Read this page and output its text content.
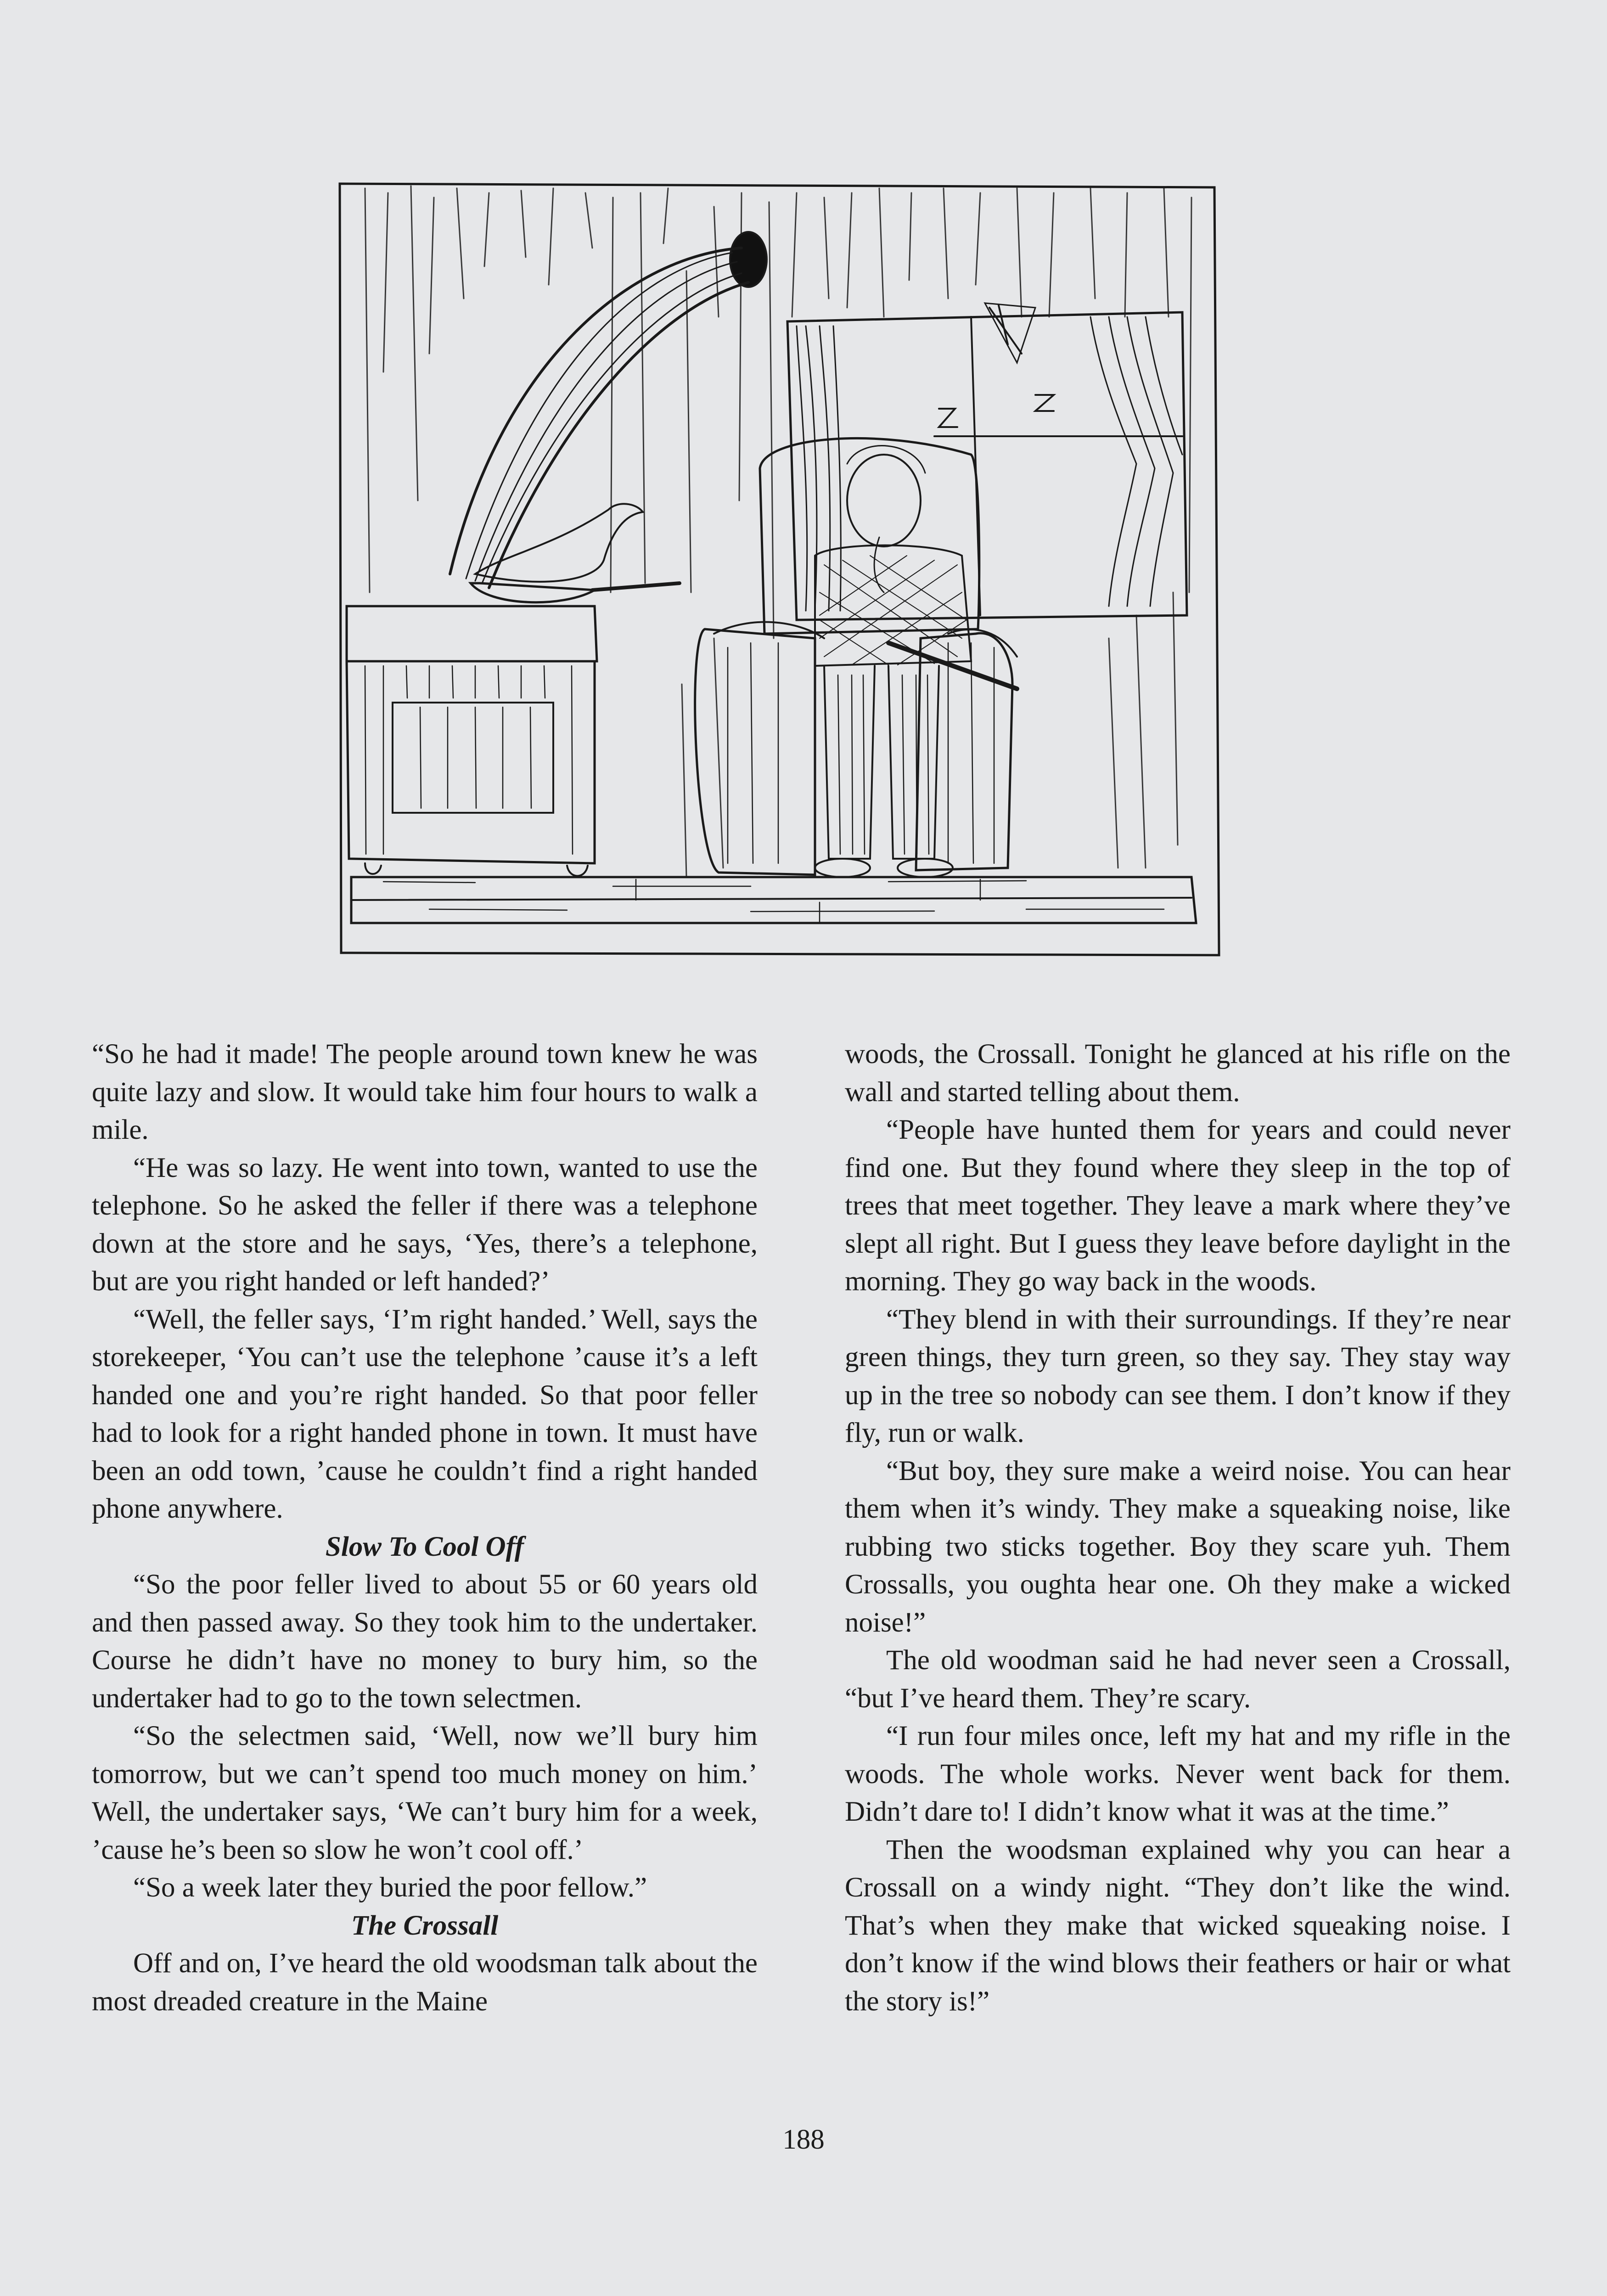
“So he had it made! The people around town knew he was quite lazy and slow. It would take him four hours to walk a mile.

“He was so lazy. He went into town, wanted to use the telephone. So he asked the feller if there was a telephone down at the store and he says, ‘Yes, there’s a telephone, but are you right handed or left handed?’

“Well, the feller says, ‘I’m right handed.’ Well, says the storekeeper, ‘You can’t use the telephone ’cause it’s a left handed one and you’re right handed. So that poor feller had to look for a right handed phone in town. It must have been an odd town, ’cause he couldn’t find a right handed phone anywhere.

Slow To Cool Off

“So the poor feller lived to about 55 or 60 years old and then passed away. So they took him to the undertaker. Course he didn’t have no money to bury him, so the undertaker had to go to the town selectmen.

“So the selectmen said, ‘Well, now we’ll bury him tomorrow, but we can’t spend too much money on him.’ Well, the undertaker says, ‘We can’t bury him for a week, ’cause he’s been so slow he won’t cool off.’

“So a week later they buried the poor fellow.”

The Crossall

Off and on, I’ve heard the old woodsman talk about the most dreaded creature in the Maine

woods, the Crossall. Tonight he glanced at his rifle on the wall and started telling about them.

“People have hunted them for years and could never find one. But they found where they sleep in the top of trees that meet together. They leave a mark where they’ve slept all right. But I guess they leave before daylight in the morning. They go way back in the woods.

“They blend in with their surroundings. If they’re near green things, they turn green, so they say. They stay way up in the tree so nobody can see them. I don’t know if they fly, run or walk.

“But boy, they sure make a weird noise. You can hear them when it’s windy. They make a squeaking noise, like rubbing two sticks together. Boy they scare yuh. Them Crossalls, you oughta hear one. Oh they make a wicked noise!”

The old woodman said he had never seen a Crossall, “but I’ve heard them. They’re scary.

“I run four miles once, left my hat and my rifle in the woods. The whole works. Never went back for them. Didn’t dare to! I didn’t know what it was at the time.”

Then the woodsman explained why you can hear a Crossall on a windy night. “They don’t like the wind. That’s when they make that wicked squeaking noise. I don’t know if the wind blows their feathers or hair or what the story is!”

188
